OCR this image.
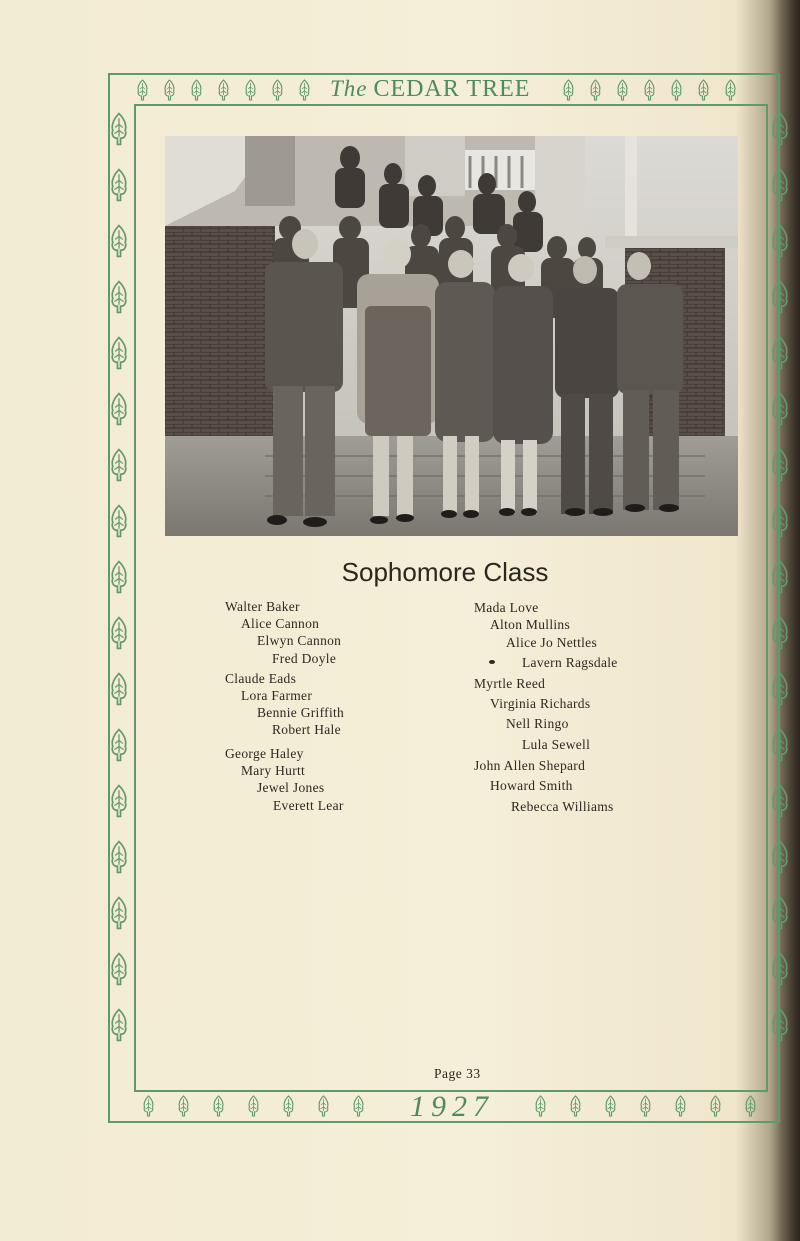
The CEDAR TREE
1927
Sophomore Class
Walter Baker
Alice Cannon
Elwyn Cannon
Fred Doyle
Claude Eads
Lora Farmer
Bennie Griffith
Robert Hale
George Haley
Mary Hurtt
Jewel Jones
Everett Lear
Mada Love
Alton Mullins
Alice Jo Nettles
Lavern Ragsdale
Myrtle Reed
Virginia Richards
Nell Ringo
Lula Sewell
John Allen Shepard
Howard Smith
Rebecca Williams
Page 33
